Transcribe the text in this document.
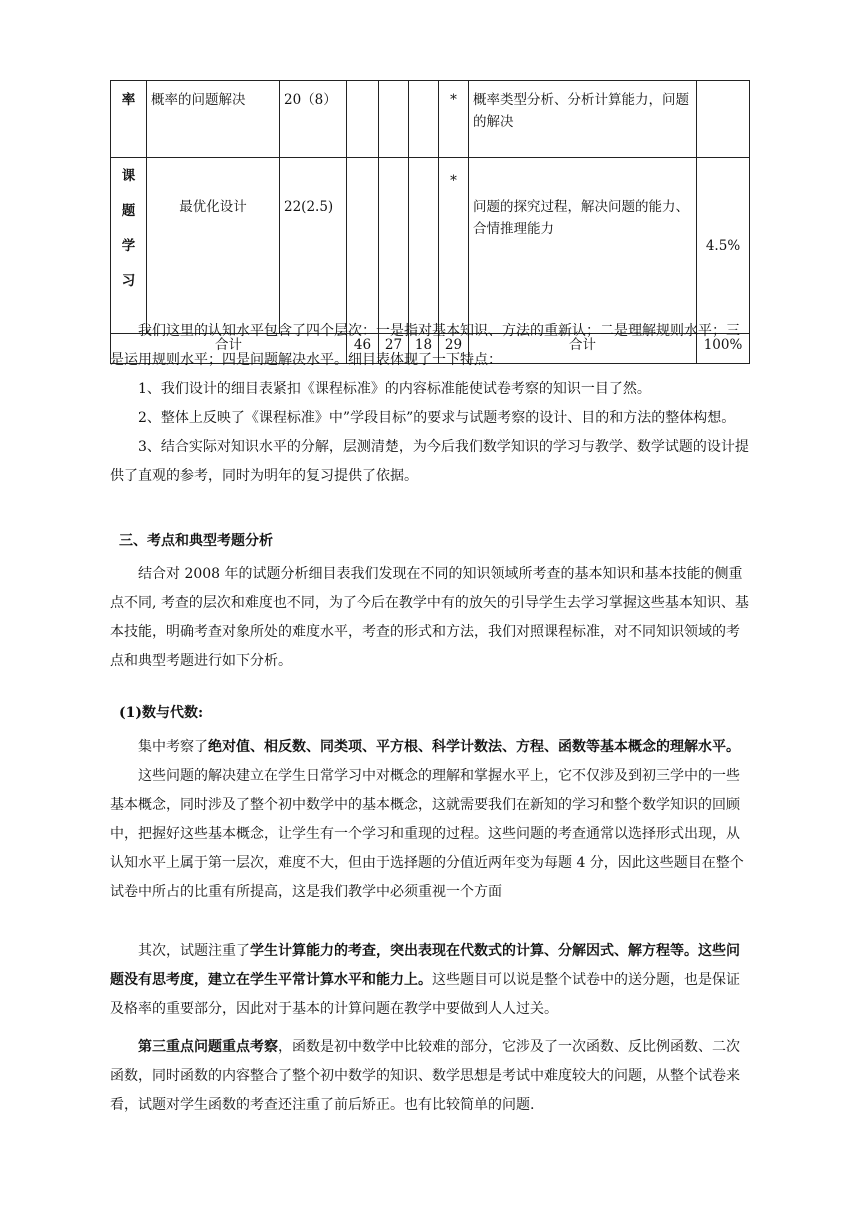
率	概率的问题解决	20（8）				*	概率类型分析、分析计算能力，问题的解决	

课
题
学
习	最优化设计	22(2.5)				*	问题的探究过程，解决问题的能力、合情推理能力	4.5%
合计			46	27	18	29	合计	100%

我们这里的认知水平包含了四个层次：一是指对基本知识、方法的重新认；二是理解规则水平；三是运用规则水平；四是问题解决水平。细目表体现了一下特点：

1、我们设计的细目表紧扣《课程标准》的内容标准能使试卷考察的知识一目了然。

2、整体上反映了《课程标准》中”学段目标”的要求与试题考察的设计、目的和方法的整体构想。

3、结合实际对知识水平的分解，层测清楚，为今后我们数学知识的学习与教学、数学试题的设计提供了直观的参考，同时为明年的复习提供了依据。

三、考点和典型考题分析

结合对 2008 年的试题分析细目表我们发现在不同的知识领域所考查的基本知识和基本技能的侧重点不同, 考查的层次和难度也不同，为了今后在教学中有的放矢的引导学生去学习掌握这些基本知识、基本技能，明确考查对象所处的难度水平，考查的形式和方法，我们对照课程标准，对不同知识领域的考点和典型考题进行如下分析。

(1)数与代数:

集中考察了绝对值、相反数、同类项、平方根、科学计数法、方程、函数等基本概念的理解水平。

这些问题的解决建立在学生日常学习中对概念的理解和掌握水平上，它不仅涉及到初三学中的一些基本概念，同时涉及了整个初中数学中的基本概念，这就需要我们在新知的学习和整个数学知识的回顾中，把握好这些基本概念，让学生有一个学习和重现的过程。这些问题的考查通常以选择形式出现，从认知水平上属于第一层次，难度不大，但由于选择题的分值近两年变为每题 4 分，因此这些题目在整个试卷中所占的比重有所提高，这是我们教学中必须重视一个方面

其次，试题注重了学生计算能力的考查，突出表现在代数式的计算、分解因式、解方程等。这些问题没有思考度，建立在学生平常计算水平和能力上。这些题目可以说是整个试卷中的送分题，也是保证及格率的重要部分，因此对于基本的计算问题在教学中要做到人人过关。

第三重点问题重点考察，函数是初中数学中比较难的部分，它涉及了一次函数、反比例函数、二次函数，同时函数的内容整合了整个初中数学的知识、数学思想是考试中难度较大的问题，从整个试卷来看，试题对学生函数的考查还注重了前后矫正。也有比较简单的问题.
